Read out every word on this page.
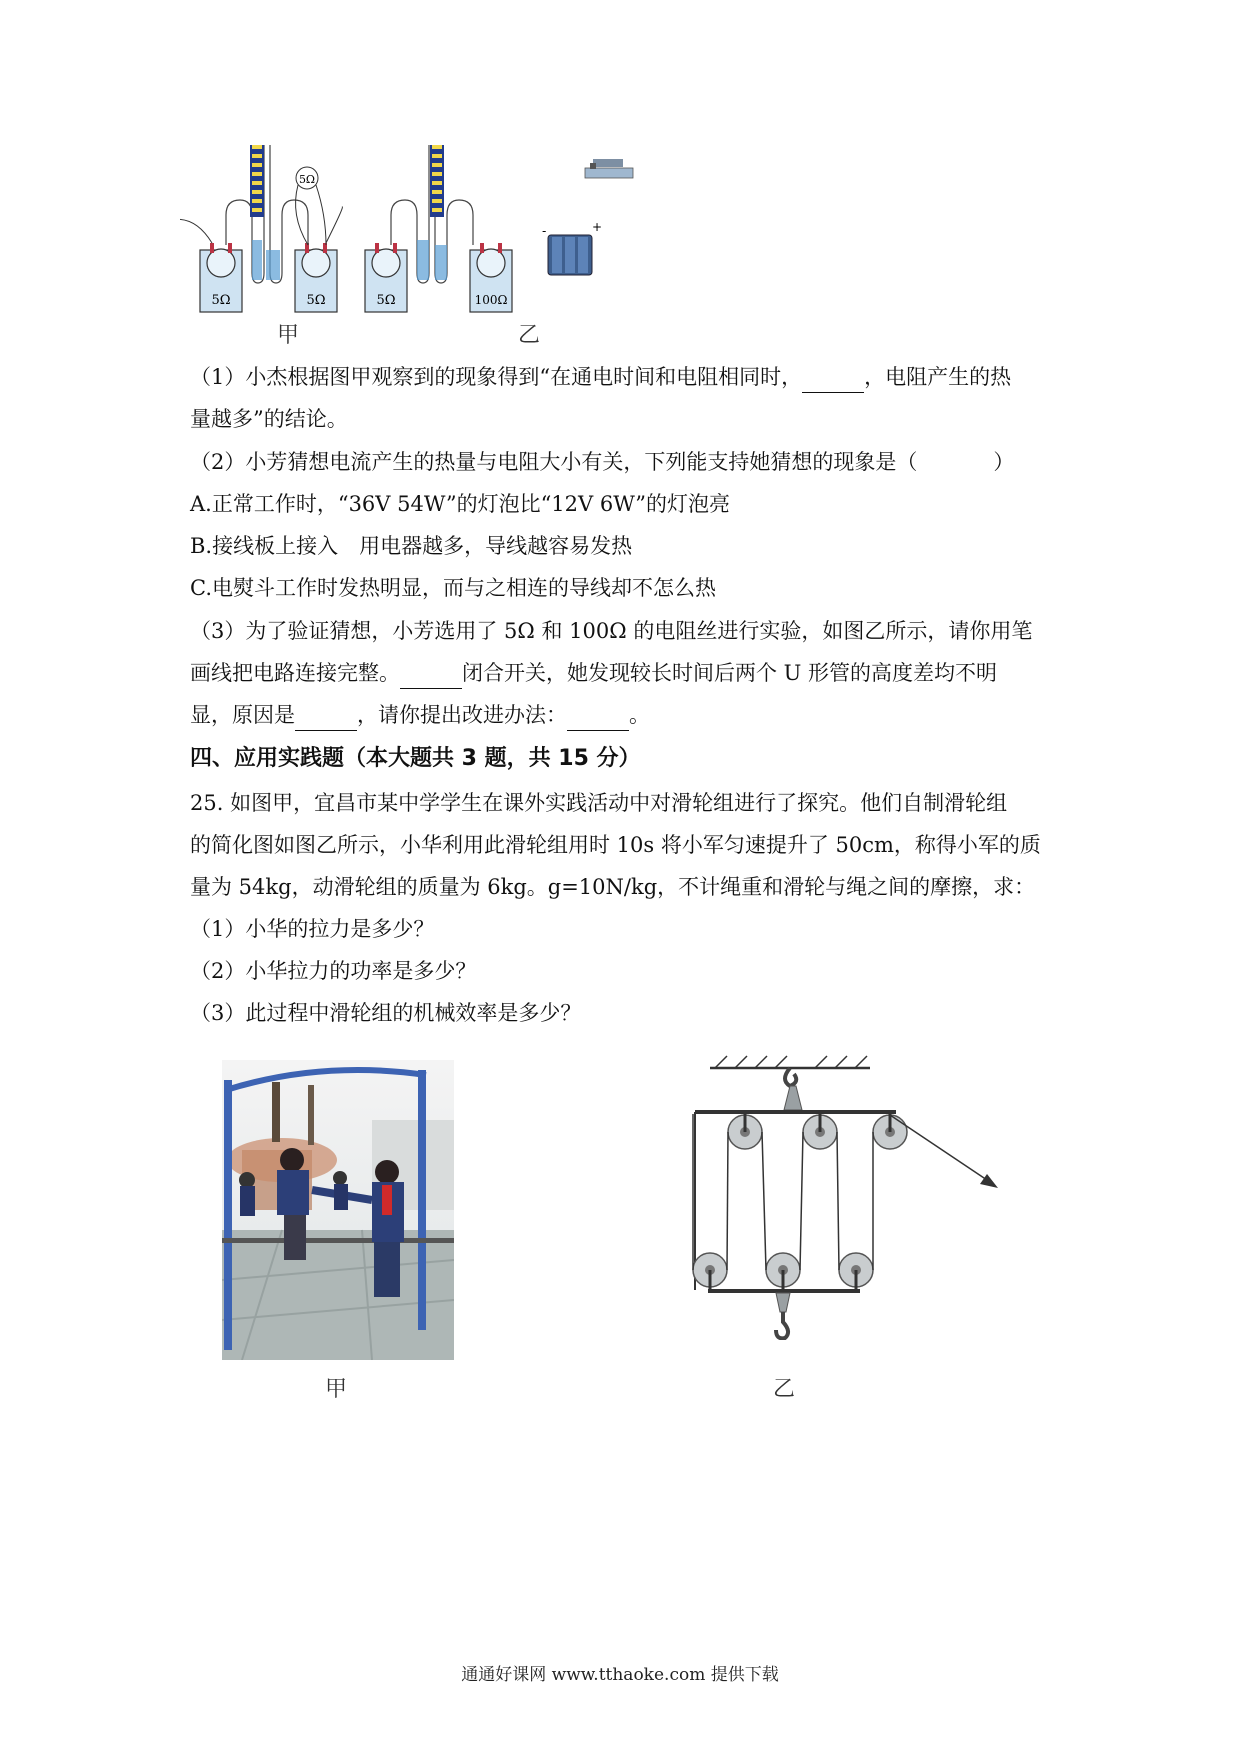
5Ω	5Ω
5Ω
5Ω	100Ω
-	+
甲	乙
（1）小杰根据图甲观察到的现象得到“在通电时间和电阻相同时，	，电阻产生的热
量越多”的结论。
（2）小芳猜想电流产生的热量与电阻大小有关，下列能支持她猜想的现象是（	）
A.正常工作时，“36V 54W”的灯泡比“12V 6W”的灯泡亮
B.接线板上接入　用电器越多，导线越容易发热
C.电熨斗工作时发热明显，而与之相连的导线却不怎么热
（3）为了验证猜想，小芳选用了 5Ω 和 100Ω 的电阻丝进行实验，如图乙所示，请你用笔
画线把电路连接完整。	闭合开关，她发现较长时间后两个 U 形管的高度差均不明
显，原因是	，请你提出改进办法：	。
四、应用实践题（本大题共 3 题，共 15 分）
25. 如图甲，宜昌市某中学学生在课外实践活动中对滑轮组进行了探究。他们自制滑轮组
的简化图如图乙所示，小华利用此滑轮组用时 10s 将小军匀速提升了 50cm，称得小军的质
量为 54kg，动滑轮组的质量为 6kg。g=10N/kg，不计绳重和滑轮与绳之间的摩擦，求：
（1）小华的拉力是多少？
（2）小华拉力的功率是多少？
（3）此过程中滑轮组的机械效率是多少？
甲	乙
通通好课网 www.tthaoke.com 提供下载
